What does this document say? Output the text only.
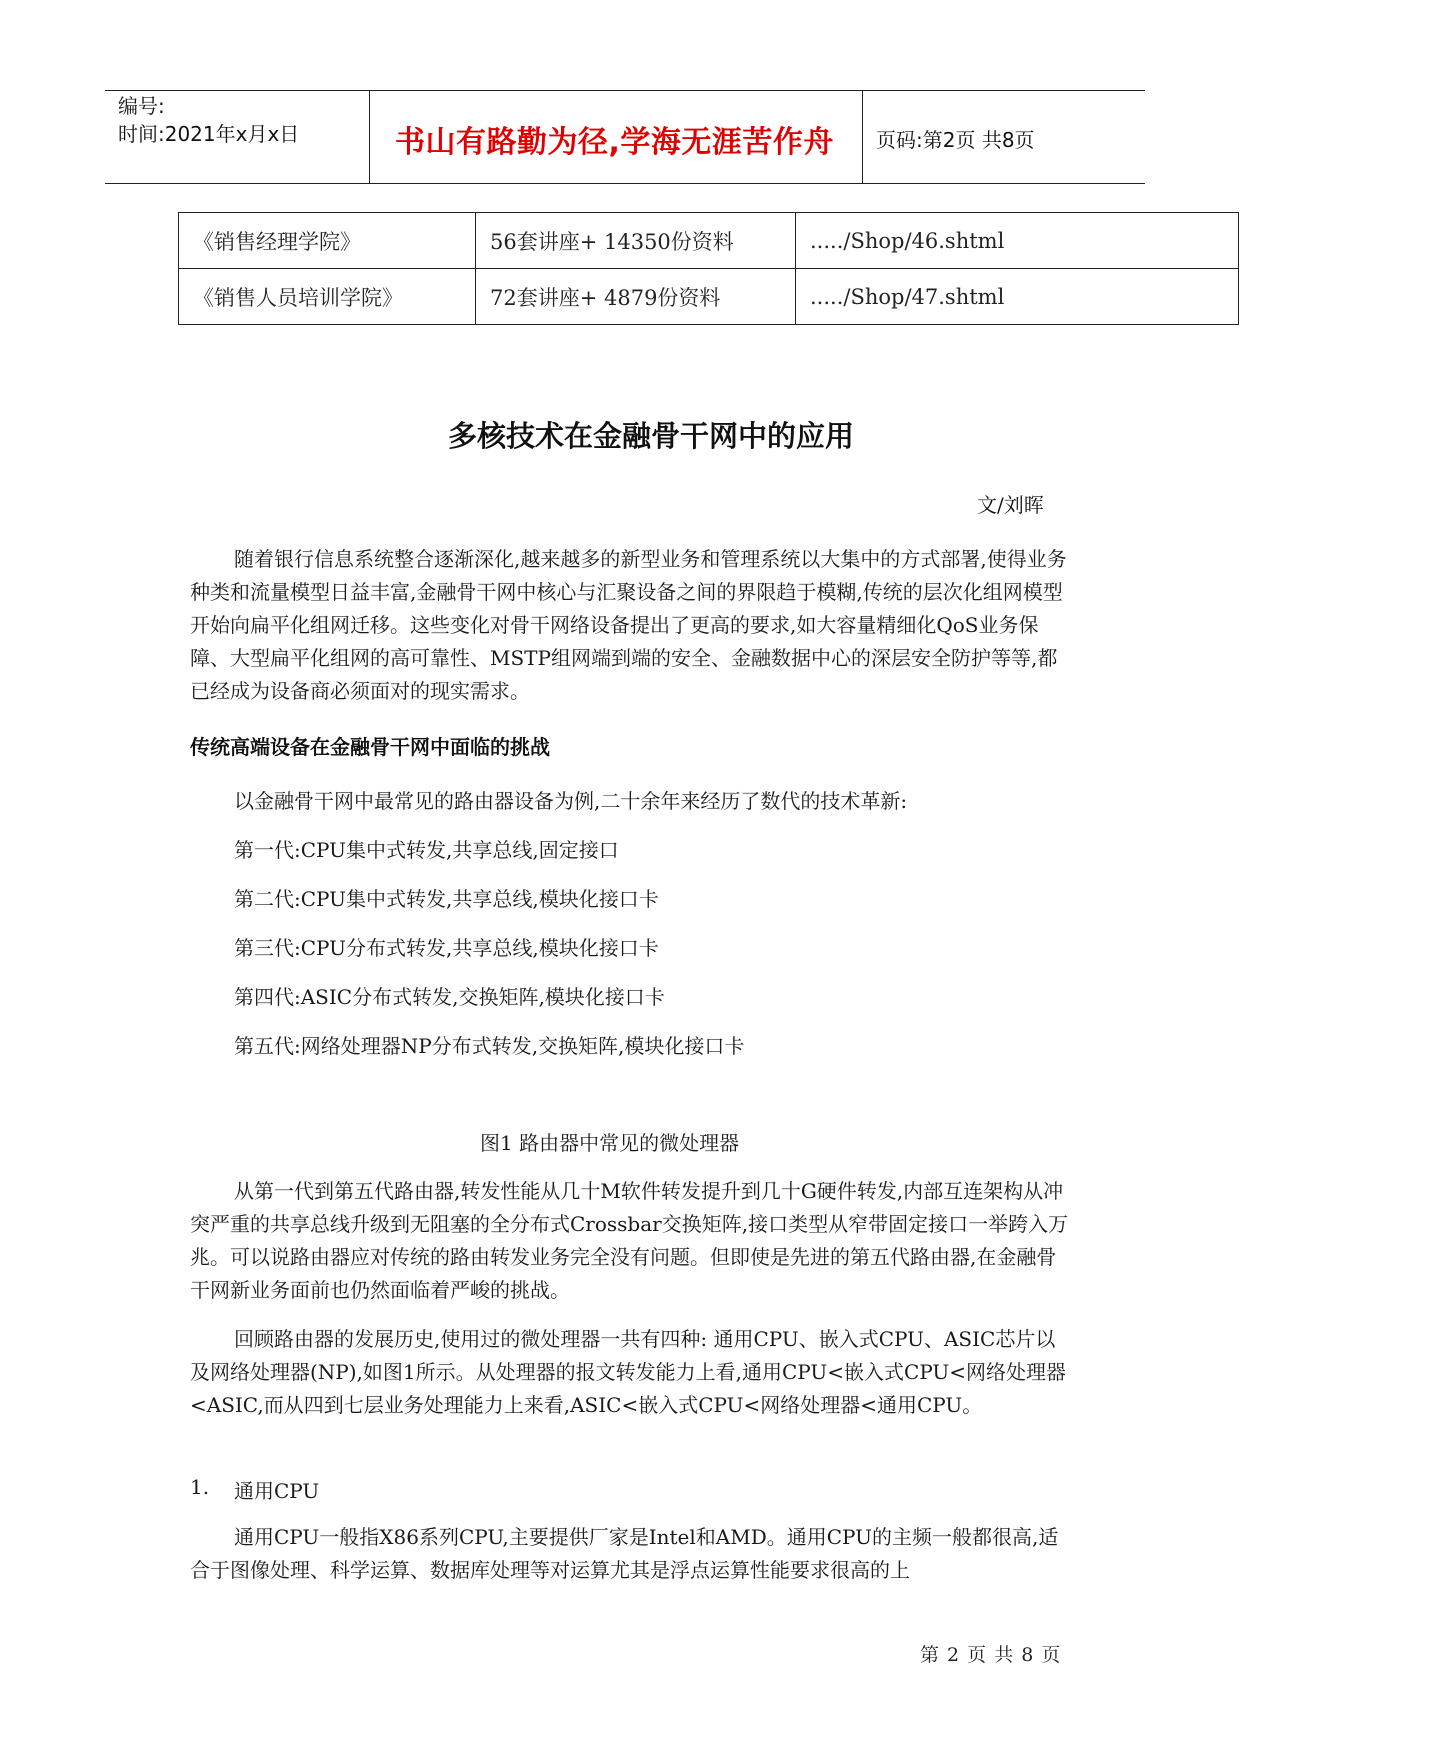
编号:
时间:2021年x月x日	书山有路勤为径,学海无涯苦作舟 页码:第2页 共8页
《销售经理学院》	56套讲座+ 14350份资料	...../Shop/46.shtml
《销售人员培训学院》	72套讲座+ 4879份资料	...../Shop/47.shtml
多核技术在金融骨干网中的应用
文/刘晖
随着银行信息系统整合逐渐深化,越来越多的新型业务和管理系统以大集中的方式部署,使得业务种类和流量模型日益丰富,金融骨干网中核心与汇聚设备之间的界限趋于模糊,传统的层次化组网模型开始向扁平化组网迁移。这些变化对骨干网络设备提出了更高的要求,如大容量精细化QoS业务保障、大型扁平化组网的高可靠性、MSTP组网端到端的安全、金融数据中心的深层安全防护等等,都已经成为设备商必须面对的现实需求。
传统高端设备在金融骨干网中面临的挑战
以金融骨干网中最常见的路由器设备为例,二十余年来经历了数代的技术革新:
第一代:CPU集中式转发,共享总线,固定接口
第二代:CPU集中式转发,共享总线,模块化接口卡
第三代:CPU分布式转发,共享总线,模块化接口卡
第四代:ASIC分布式转发,交换矩阵,模块化接口卡
第五代:网络处理器NP分布式转发,交换矩阵,模块化接口卡
图1 路由器中常见的微处理器
从第一代到第五代路由器,转发性能从几十M软件转发提升到几十G硬件转发,内部互连架构从冲突严重的共享总线升级到无阻塞的全分布式Crossbar交换矩阵,接口类型从窄带固定接口一举跨入万兆。可以说路由器应对传统的路由转发业务完全没有问题。但即使是先进的第五代路由器,在金融骨干网新业务面前也仍然面临着严峻的挑战。
回顾路由器的发展历史,使用过的微处理器一共有四种: 通用CPU、嵌入式CPU、ASIC芯片以及网络处理器(NP),如图1所示。从处理器的报文转发能力上看,通用CPU<嵌入式CPU<网络处理器<ASIC,而从四到七层业务处理能力上来看,ASIC<嵌入式CPU<网络处理器<通用CPU。
1. 通用CPU
通用CPU一般指X86系列CPU,主要提供厂家是Intel和AMD。通用CPU的主频一般都很高,适合于图像处理、科学运算、数据库处理等对运算尤其是浮点运算性能要求很高的上
第 2 页 共 8 页
